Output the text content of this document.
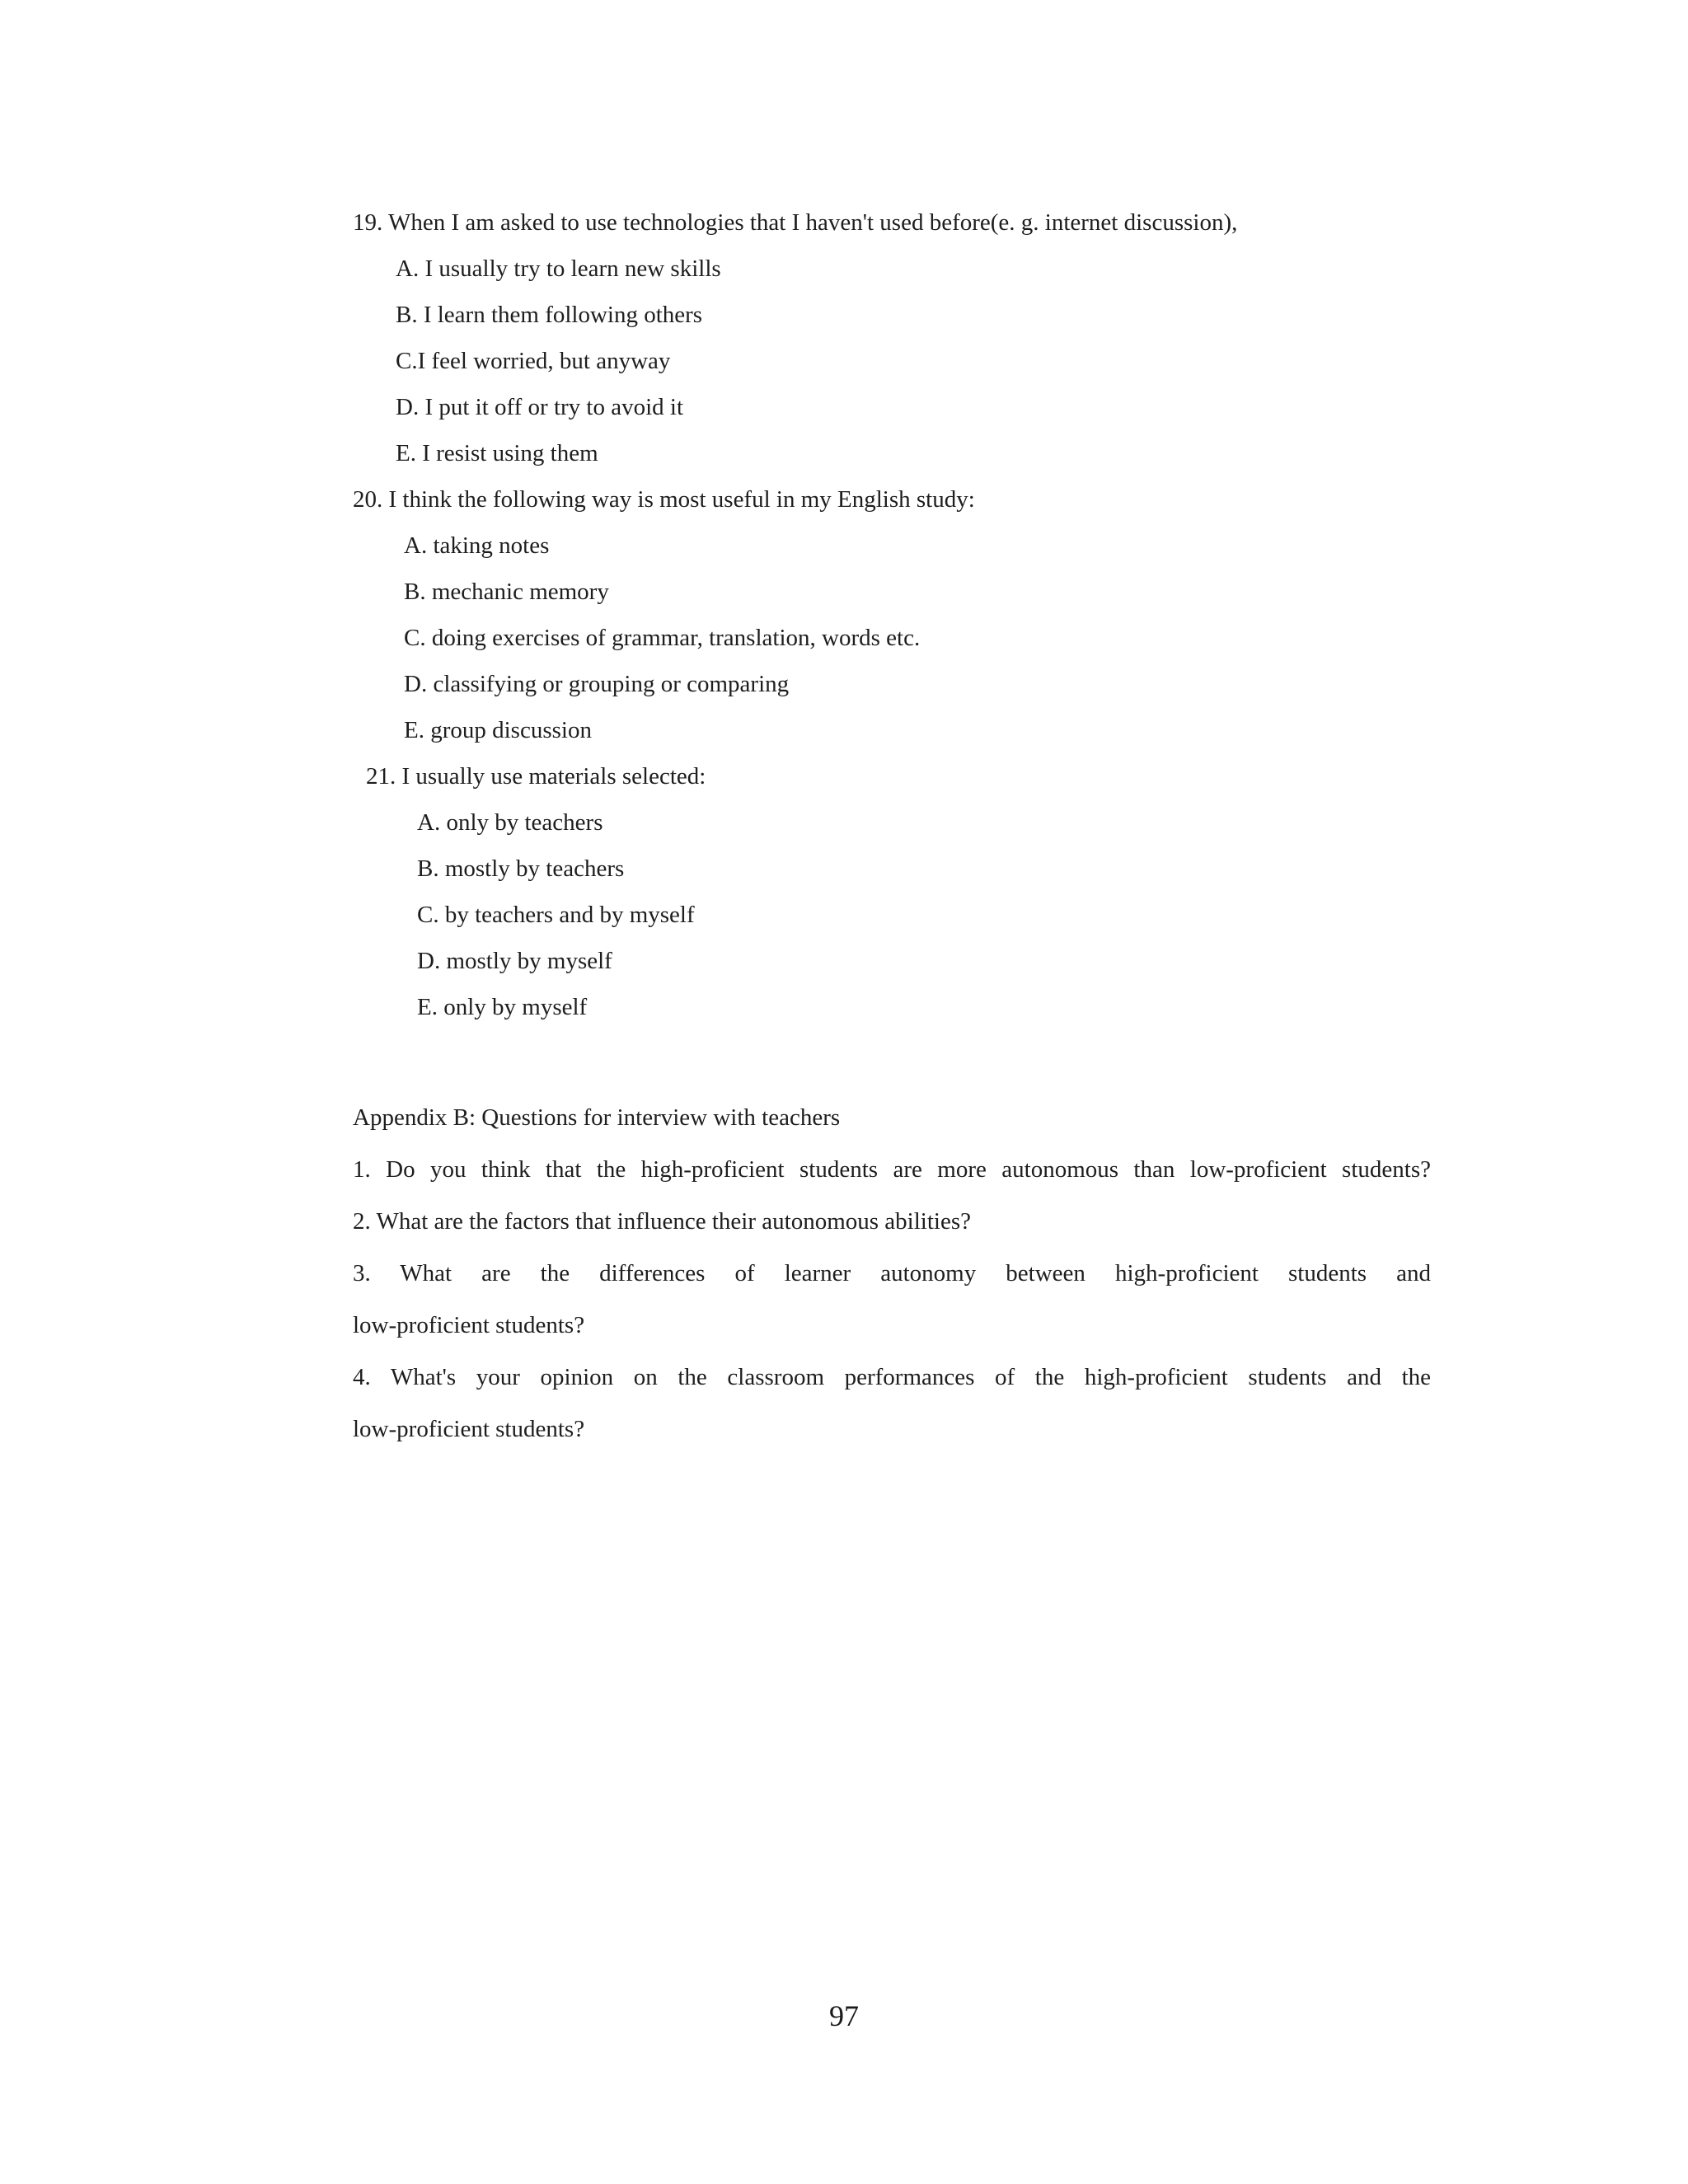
19. When I am asked to use technologies that I haven't used before(e. g. internet discussion),
A. I usually try to learn new skills
B. I learn them following others
C.I feel worried, but anyway
D. I put it off or try to avoid it
E. I resist using them
20. I think the following way is most useful in my English study:
A. taking notes
B. mechanic memory
C. doing exercises of grammar, translation, words etc.
D. classifying or grouping or comparing
E. group discussion
21. I usually use materials selected:
A. only by teachers
B. mostly by teachers
C. by teachers and by myself
D. mostly by myself
E. only by myself
Appendix B: Questions for interview with teachers
1. Do you think that the high-proficient students are more autonomous than low-proficient students?
2. What are the factors that influence their autonomous abilities?
3. What are the differences of learner autonomy between high-proficient students and
low-proficient students?
4. What's your opinion on the classroom performances of the high-proficient students and the
low-proficient students?
97
